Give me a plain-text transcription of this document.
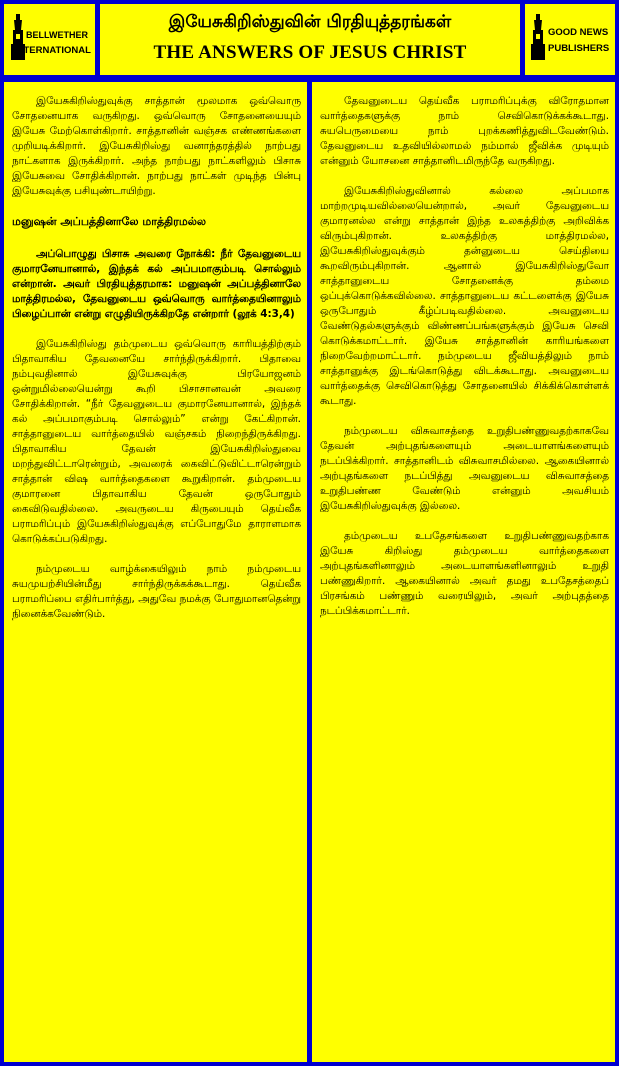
BELLWETHER
INTERNATIONAL
இயேசுகிறிஸ்துவின் பிரதியுத்தரங்கள்
THE ANSWERS OF JESUS CHRIST
GOOD NEWS
PUBLISHERS

இயேசுகிறிஸ்துவுக்கு சாத்தான் மூலமாக ஒவ்வொரு சோதனையாக வருகிறது. ஒவ்வொரு சோதனையையும் இயேசு மேற்கொள்கிறார். சாத்தானின் வஞ்சக எண்ணங்களை முறியடிக்கிறார். இயேசுகிறிஸ்து வனாந்தரத்தில் நாற்பது நாட்களாக இருக்கிறார். அந்த நாற்பது நாட்களிலும் பிசாசு இயேசுவை சோதிக்கிறான். நாற்பது நாட்கள் முடிந்த பின்பு இயேசுவுக்கு பசியுண்டாயிற்று.

மனுஷன் அப்பத்தினாலே மாத்திரமல்ல

அப்பொழுது பிசாசு அவரை நோக்கி: நீர் தேவனுடைய குமாரனேயானால், இந்தக் கல் அப்பமாகும்படி சொல்லும் என்றான். அவர் பிரதியுத்தரமாக: மனுஷன் அப்பத்தினாலே மாத்திரமல்ல, தேவனுடைய ஒவ்வொரு வார்த்தையினாலும் பிழைப்பான் என்று எழுதியிருக்கிறதே என்றார் (லூக் 4:3,4)

இயேசுகிறிஸ்து தம்முடைய ஒவ்வொரு காரியத்திற்கும் பிதாவாகிய தேவனையே சார்ந்திருக்கிறார். பிதாவை நம்புவதினால் இயேசுவுக்கு பிரயோஜனம் ஒன்றுமில்லையென்று கூறி பிசாசானவன் அவரை சோதிக்கிறான். “நீர் தேவனுடைய குமாரனேயானால், இந்தக் கல் அப்பமாகும்படி சொல்லும்” என்று கேட்கிறான். சாத்தானுடைய வார்த்தையில் வஞ்சகம் நிறைந்திருக்கிறது. பிதாவாகிய தேவன் இயேசுகிறிஸ்துவை மறந்துவிட்டாரென்றும், அவரைக் கைவிட்டுவிட்டாரென்றும் சாத்தான் விஷ வார்த்தைகளை கூறுகிறான். தம்முடைய குமாரனை பிதாவாகிய தேவன் ஒருபோதும் கைவிடுவதில்லை. அவருடைய கிருபையும் தெய்வீக பராமரிப்பும் இயேசுகிறிஸ்துவுக்கு எப்போதுமே தாராளமாக கொடுக்கப்படுகிறது.

நம்முடைய வாழ்க்கையிலும் நாம் நம்முடைய சுயமுயற்சியின்மீது சார்ந்திருக்கக்கூடாது. தெய்வீக பராமரிப்பை எதிர்பார்த்து, அதுவே நமக்கு போதுமானதென்று நினைக்கவேண்டும்.

தேவனுடைய தெய்வீக பராமரிப்புக்கு விரோதமான வார்த்தைகளுக்கு நாம் செவிகொடுக்கக்கூடாது. சுயபெருமையை நாம் புறக்கணித்துவிடவேண்டும். தேவனுடைய உதவியில்லாமல் நம்மால் ஜீவிக்க முடியும் என்னும் யோசனை சாத்தானிடமிருந்தே வருகிறது.

இயேசுகிறிஸ்துவினால் கல்லை அப்பமாக மாற்றமுடியவில்லையென்றால், அவர் தேவனுடைய குமாரனல்ல என்று சாத்தான் இந்த உலகத்திற்கு அறிவிக்க விரும்புகிறான். உலகத்திற்கு மாத்திரமல்ல, இயேசுகிறிஸ்துவுக்கும் தன்னுடைய செய்தியை கூறவிரும்புகிறான். ஆனால் இயேசுகிறிஸ்துவோ சாத்தானுடைய சோதனைக்கு தம்மை ஒப்புக்கொடுக்கவில்லை. சாத்தானுடைய கட்டளைக்கு இயேசு ஒருபோதும் கீழ்ப்படிவதில்லை. அவனுடைய வேண்டுதல்களுக்கும் விண்ணப்பங்களுக்கும் இயேசு செவி கொடுக்கமாட்டார். இயேசு சாத்தானின் காரியங்களை நிறைவேற்றமாட்டார். நம்முடைய ஜீவியத்திலும் நாம் சாத்தானுக்கு இடங்கொடுத்து விடக்கூடாது. அவனுடைய வார்த்தைக்கு செவிகொடுத்து சோதனையில் சிக்கிக்கொள்ளக் கூடாது.

நம்முடைய விசுவாசத்தை உறுதிபண்ணுவதற்காகவே தேவன் அற்புதங்களையும் அடையாளங்களையும் நடப்பிக்கிறார். சாத்தானிடம் விசுவாசமில்லை. ஆகையினால் அற்புதங்களை நடப்பித்து அவனுடைய விசுவாசத்தை உறுதிபண்ண வேண்டும் என்னும் அவசியம் இயேசுகிறிஸ்துவுக்கு இல்லை.

தம்முடைய உபதேசங்களை உறுதிபண்ணுவதற்காக இயேசு கிறிஸ்து தம்முடைய வார்த்தைகளை அற்புதங்களினாலும் அடையாளங்களினாலும் உறுதி பண்ணுகிறார். ஆகையினால் அவர் தமது உபதேசத்தைப் பிரசங்கம் பண்ணும் வரையிலும், அவர் அற்புதத்தை நடப்பிக்கமாட்டார்.
